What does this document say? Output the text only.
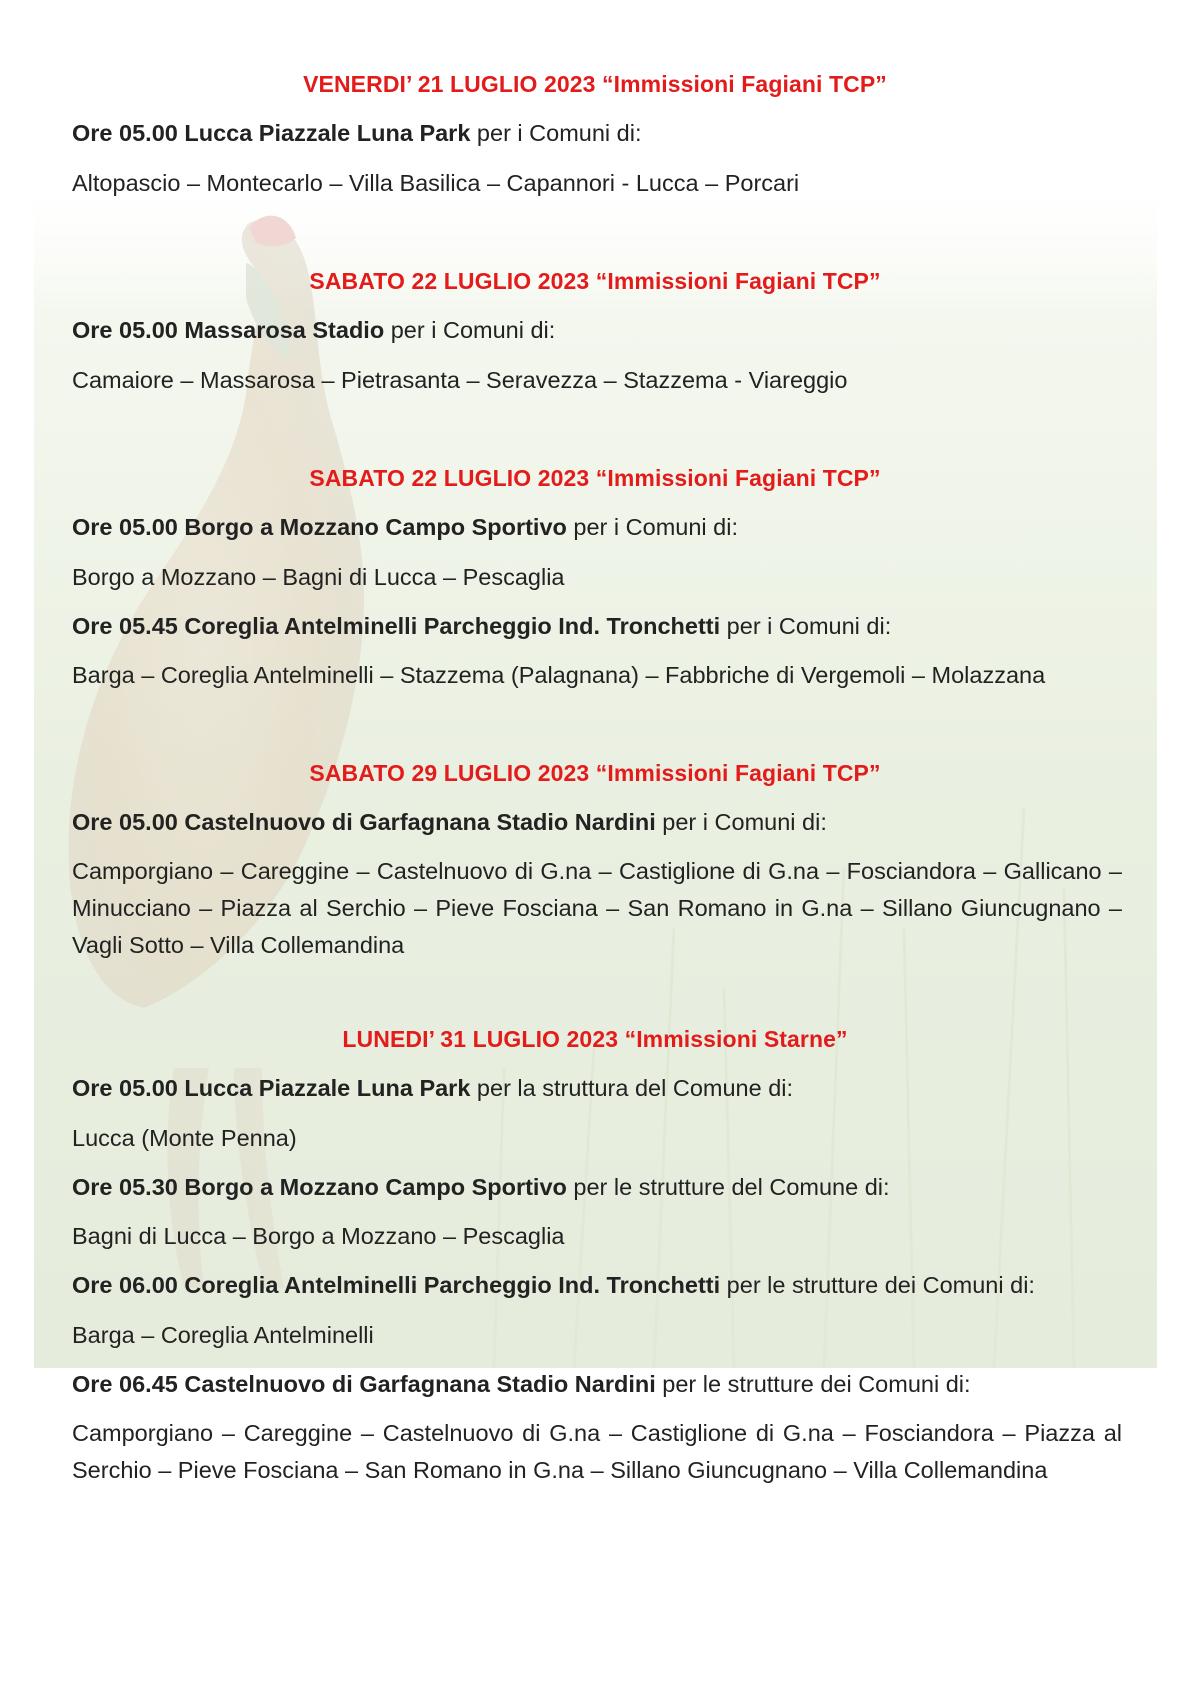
VENERDI’ 21 LUGLIO 2023 “Immissioni Fagiani TCP”
Ore 05.00 Lucca Piazzale Luna Park per i Comuni di:
Altopascio – Montecarlo – Villa Basilica – Capannori - Lucca – Porcari
SABATO 22 LUGLIO 2023 “Immissioni Fagiani TCP”
Ore 05.00 Massarosa Stadio per i Comuni di:
Camaiore – Massarosa – Pietrasanta – Seravezza – Stazzema - Viareggio
SABATO 22 LUGLIO 2023 “Immissioni Fagiani TCP”
Ore 05.00 Borgo a Mozzano Campo Sportivo per i Comuni di:
Borgo a Mozzano – Bagni di Lucca – Pescaglia
Ore 05.45 Coreglia Antelminelli Parcheggio Ind. Tronchetti per i Comuni di:
Barga – Coreglia Antelminelli – Stazzema (Palagnana) – Fabbriche di Vergemoli – Molazzana
SABATO 29 LUGLIO 2023 “Immissioni Fagiani TCP”
Ore 05.00 Castelnuovo di Garfagnana Stadio Nardini per i Comuni di:
Camporgiano – Careggine – Castelnuovo di G.na – Castiglione di G.na – Fosciandora – Gallicano – Minucciano – Piazza al Serchio – Pieve Fosciana – San Romano in G.na – Sillano Giuncugnano – Vagli Sotto – Villa Collemandina
LUNEDI’ 31 LUGLIO 2023 “Immissioni Starne”
Ore 05.00 Lucca Piazzale Luna Park per la struttura del Comune di:
Lucca (Monte Penna)
Ore 05.30 Borgo a Mozzano Campo Sportivo per le strutture del Comune di:
Bagni di Lucca – Borgo a Mozzano – Pescaglia
Ore 06.00 Coreglia Antelminelli Parcheggio Ind. Tronchetti per le strutture dei Comuni di:
Barga – Coreglia Antelminelli
Ore 06.45 Castelnuovo di Garfagnana Stadio Nardini per le strutture dei Comuni di:
Camporgiano – Careggine – Castelnuovo di G.na – Castiglione di G.na – Fosciandora – Piazza al Serchio – Pieve Fosciana – San Romano in G.na – Sillano Giuncugnano – Villa Collemandina
